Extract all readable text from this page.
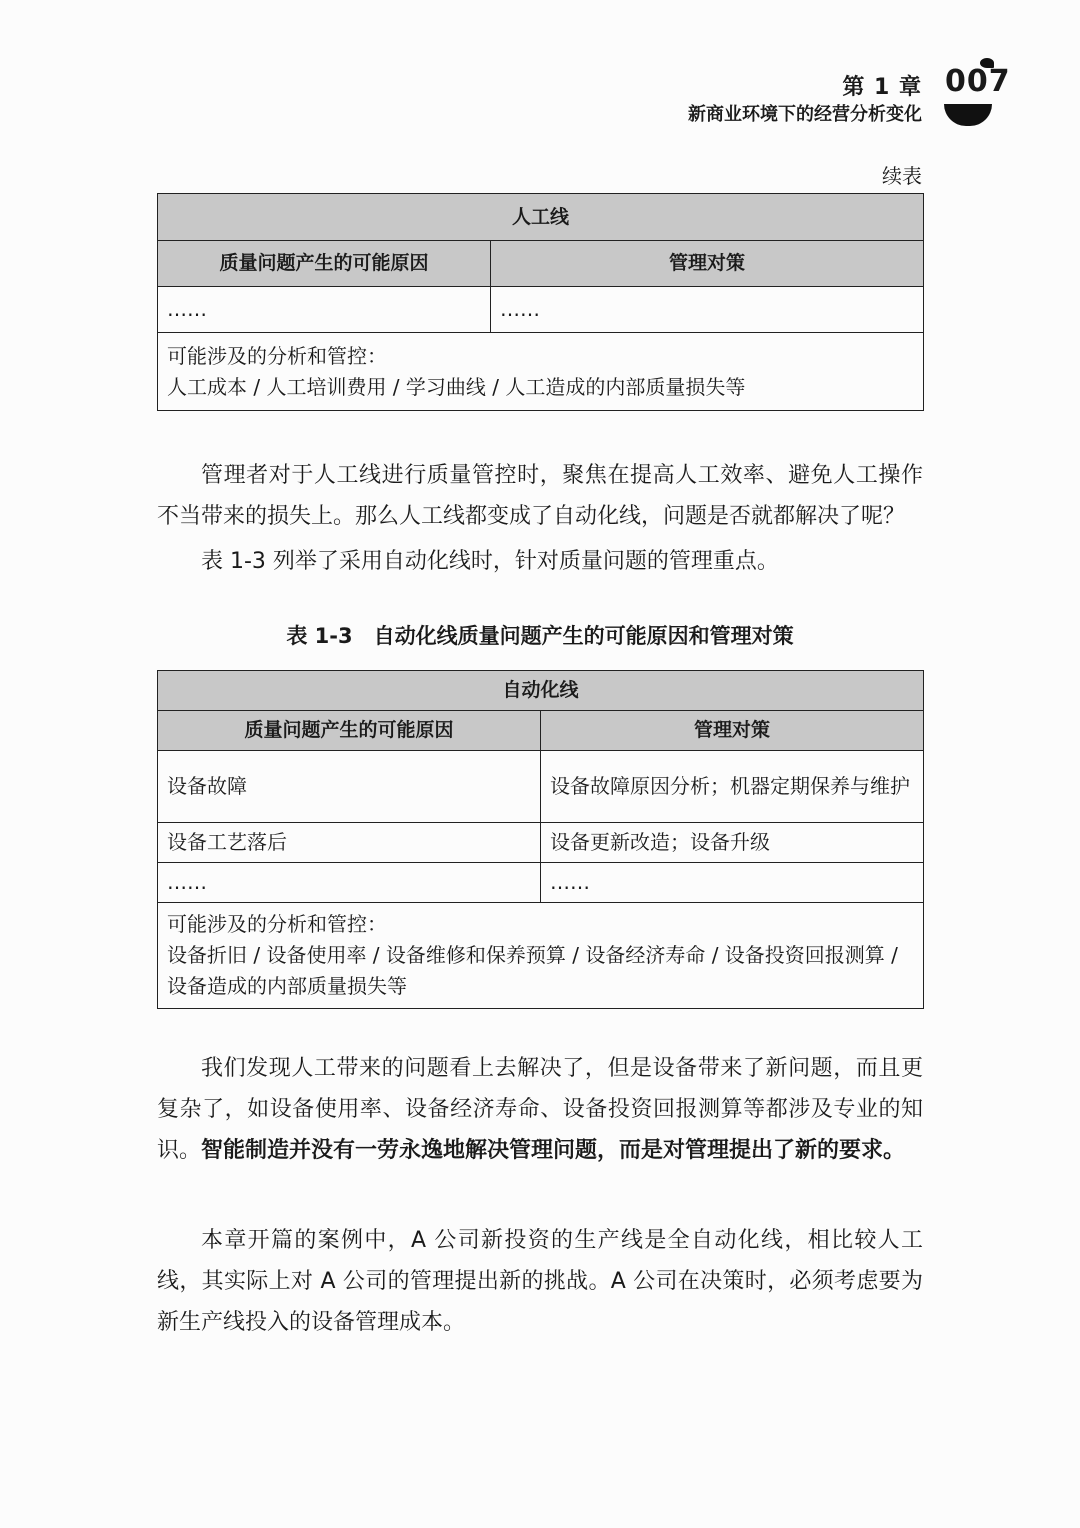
第 1 章 007
新商业环境下的经营分析变化
续表
人工线	
质量问题产生的可能原因	管理对策
……	……

可能涉及的分析和管控：
人工成本 / 人工培训费用 / 学习曲线 / 人工造成的内部质量损失等	

管理者对于人工线进行质量管控时，聚焦在提高人工效率、避免人工操作不当带来的损失上。那么人工线都变成了自动化线，问题是否就都解决了呢？

表 1-3 列举了采用自动化线时，针对质量问题的管理重点。

表 1-3　自动化线质量问题产生的可能原因和管理对策

自动化线	
质量问题产生的可能原因	管理对策
设备故障	设备故障原因分析；机器定期保养与维护
设备工艺落后	设备更新改造；设备升级
……	……

可能涉及的分析和管控：
设备折旧 / 设备使用率 / 设备维修和保养预算 / 设备经济寿命 / 设备投资回报测算 / 设备造成的内部质量损失等	

我们发现人工带来的问题看上去解决了，但是设备带来了新问题，而且更复杂了，如设备使用率、设备经济寿命、设备投资回报测算等都涉及专业的知识。智能制造并没有一劳永逸地解决管理问题，而是对管理提出了新的要求。

本章开篇的案例中，A 公司新投资的生产线是全自动化线，相比较人工线，其实际上对 A 公司的管理提出新的挑战。A 公司在决策时，必须考虑要为新生产线投入的设备管理成本。
